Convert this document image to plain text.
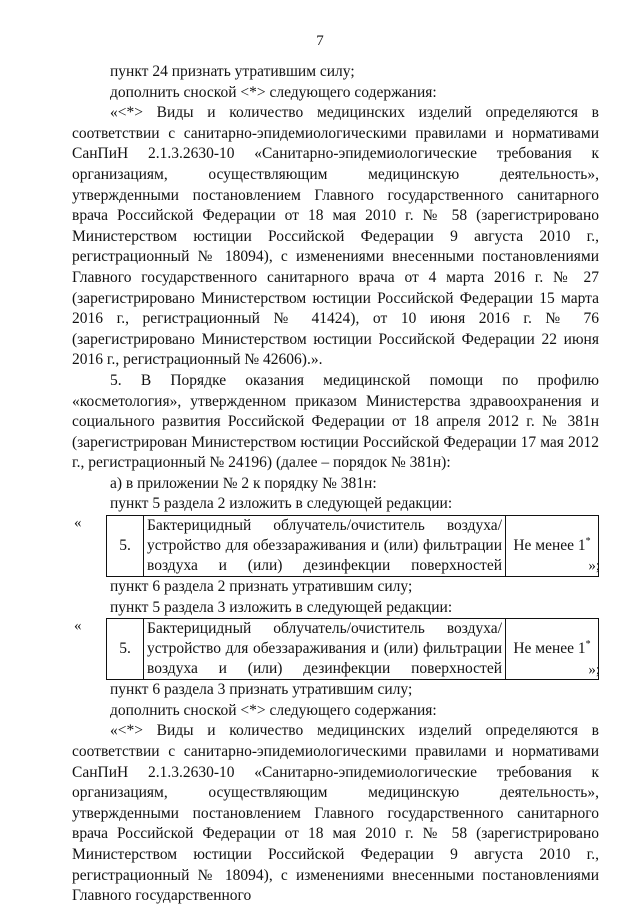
7

пункт 24 признать утратившим силу;

дополнить сноской <*> следующего содержания:

«<*> Виды и количество медицинских изделий определяются в соответствии с санитарно-эпидемиологическими правилами и нормативами СанПиН 2.1.3.2630-10 «Санитарно-эпидемиологические требования к организациям, осуществляющим медицинскую деятельность», утвержденными постановлением Главного государственного санитарного врача Российской Федерации от 18 мая 2010 г. № 58 (зарегистрировано Министерством юстиции Российской Федерации 9 августа 2010 г., регистрационный № 18094), с изменениями внесенными постановлениями Главного государственного санитарного врача от 4 марта 2016 г. № 27 (зарегистрировано Министерством юстиции Российской Федерации 15 марта 2016 г., регистрационный № 41424), от 10 июня 2016 г. № 76 (зарегистрировано Министерством юстиции Российской Федерации 22 июня 2016 г., регистрационный № 42606).».

5. В Порядке оказания медицинской помощи по профилю «косметология», утвержденном приказом Министерства здравоохранения и социального развития Российской Федерации от 18 апреля 2012 г. № 381н (зарегистрирован Министерством юстиции Российской Федерации 17 мая 2012 г., регистрационный № 24196) (далее – порядок № 381н):

а) в приложении № 2 к порядку № 381н:

пункт 5 раздела 2 изложить в следующей редакции:

«
5.	Бактерицидный облучатель/очиститель воздуха/устройство для обеззараживания и (или) фильтрации воздуха и (или) дезинфекции поверхностей	Не менее 1*
»;

пункт 6 раздела 2 признать утратившим силу;

пункт 5 раздела 3 изложить в следующей редакции:

«
5.	Бактерицидный облучатель/очиститель воздуха/устройство для обеззараживания и (или) фильтрации воздуха и (или) дезинфекции поверхностей	Не менее 1*
»;

пункт 6 раздела 3 признать утратившим силу;

дополнить сноской <*> следующего содержания:

«<*> Виды и количество медицинских изделий определяются в соответствии с санитарно-эпидемиологическими правилами и нормативами СанПиН 2.1.3.2630-10 «Санитарно-эпидемиологические требования к организациям, осуществляющим медицинскую деятельность», утвержденными постановлением Главного государственного санитарного врача Российской Федерации от 18 мая 2010 г. № 58 (зарегистрировано Министерством юстиции Российской Федерации 9 августа 2010 г., регистрационный № 18094), с изменениями внесенными постановлениями Главного государственного
